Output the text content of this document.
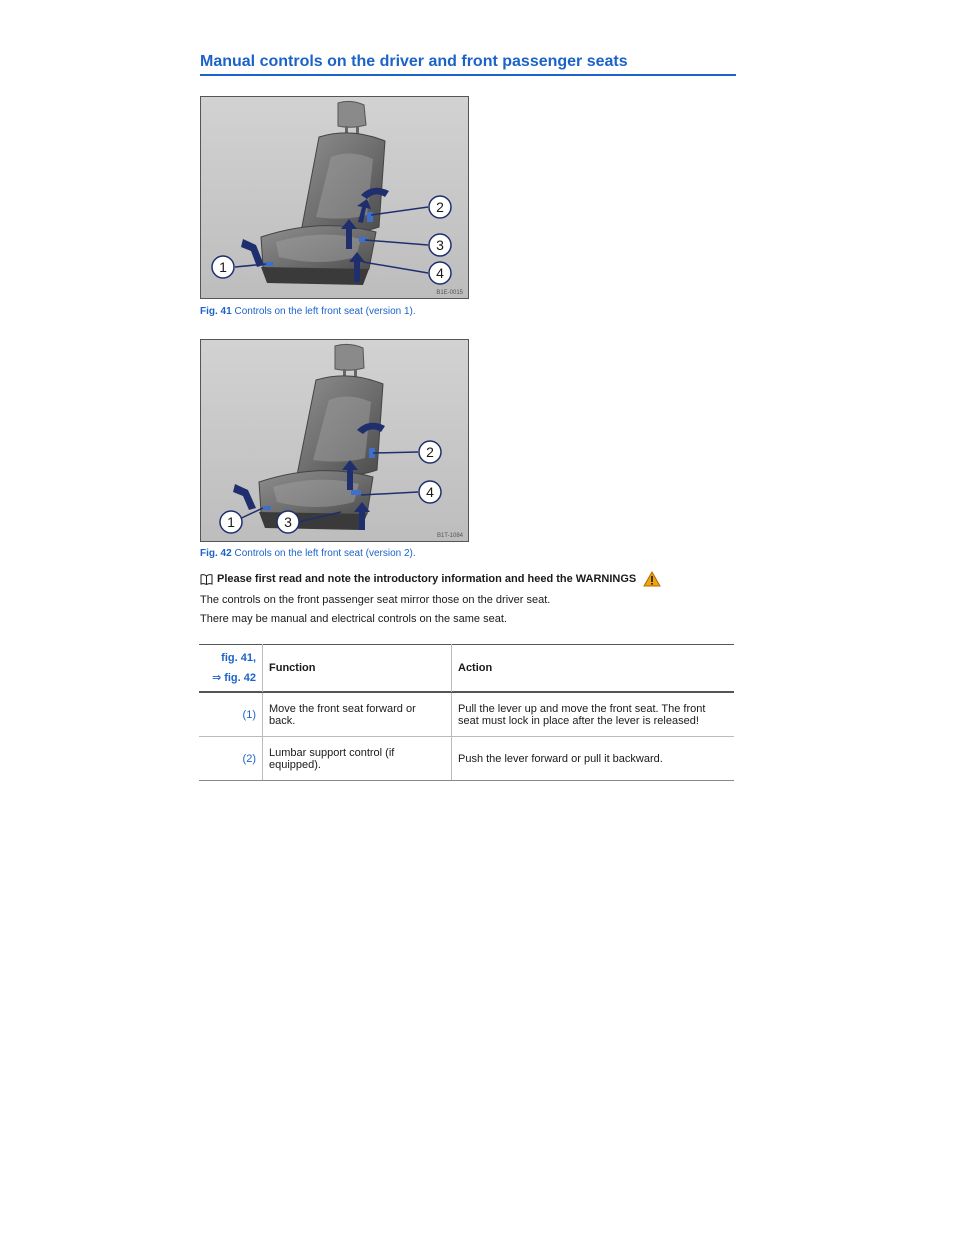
Manual controls on the driver and front passenger seats
1
2
3
4
B1E-0015
Fig. 41 Controls on the left front seat (version 1).
1	3
2
4
B1T-1084
Fig. 42 Controls on the left front seat (version 2).
Please first read and note the introductory information and heed the WARNINGS
The controls on the front passenger seat mirror those on the driver seat.
There may be manual and electrical controls on the same seat.
fig. 41,
⇒ fig. 42	Function	Action

(1)	Move the front seat forward or back.	Pull the lever up and move the front seat. The front seat must lock in place after the lever is released!
(2)	Lumbar support control (if equipped).	Push the lever forward or pull it backward.
